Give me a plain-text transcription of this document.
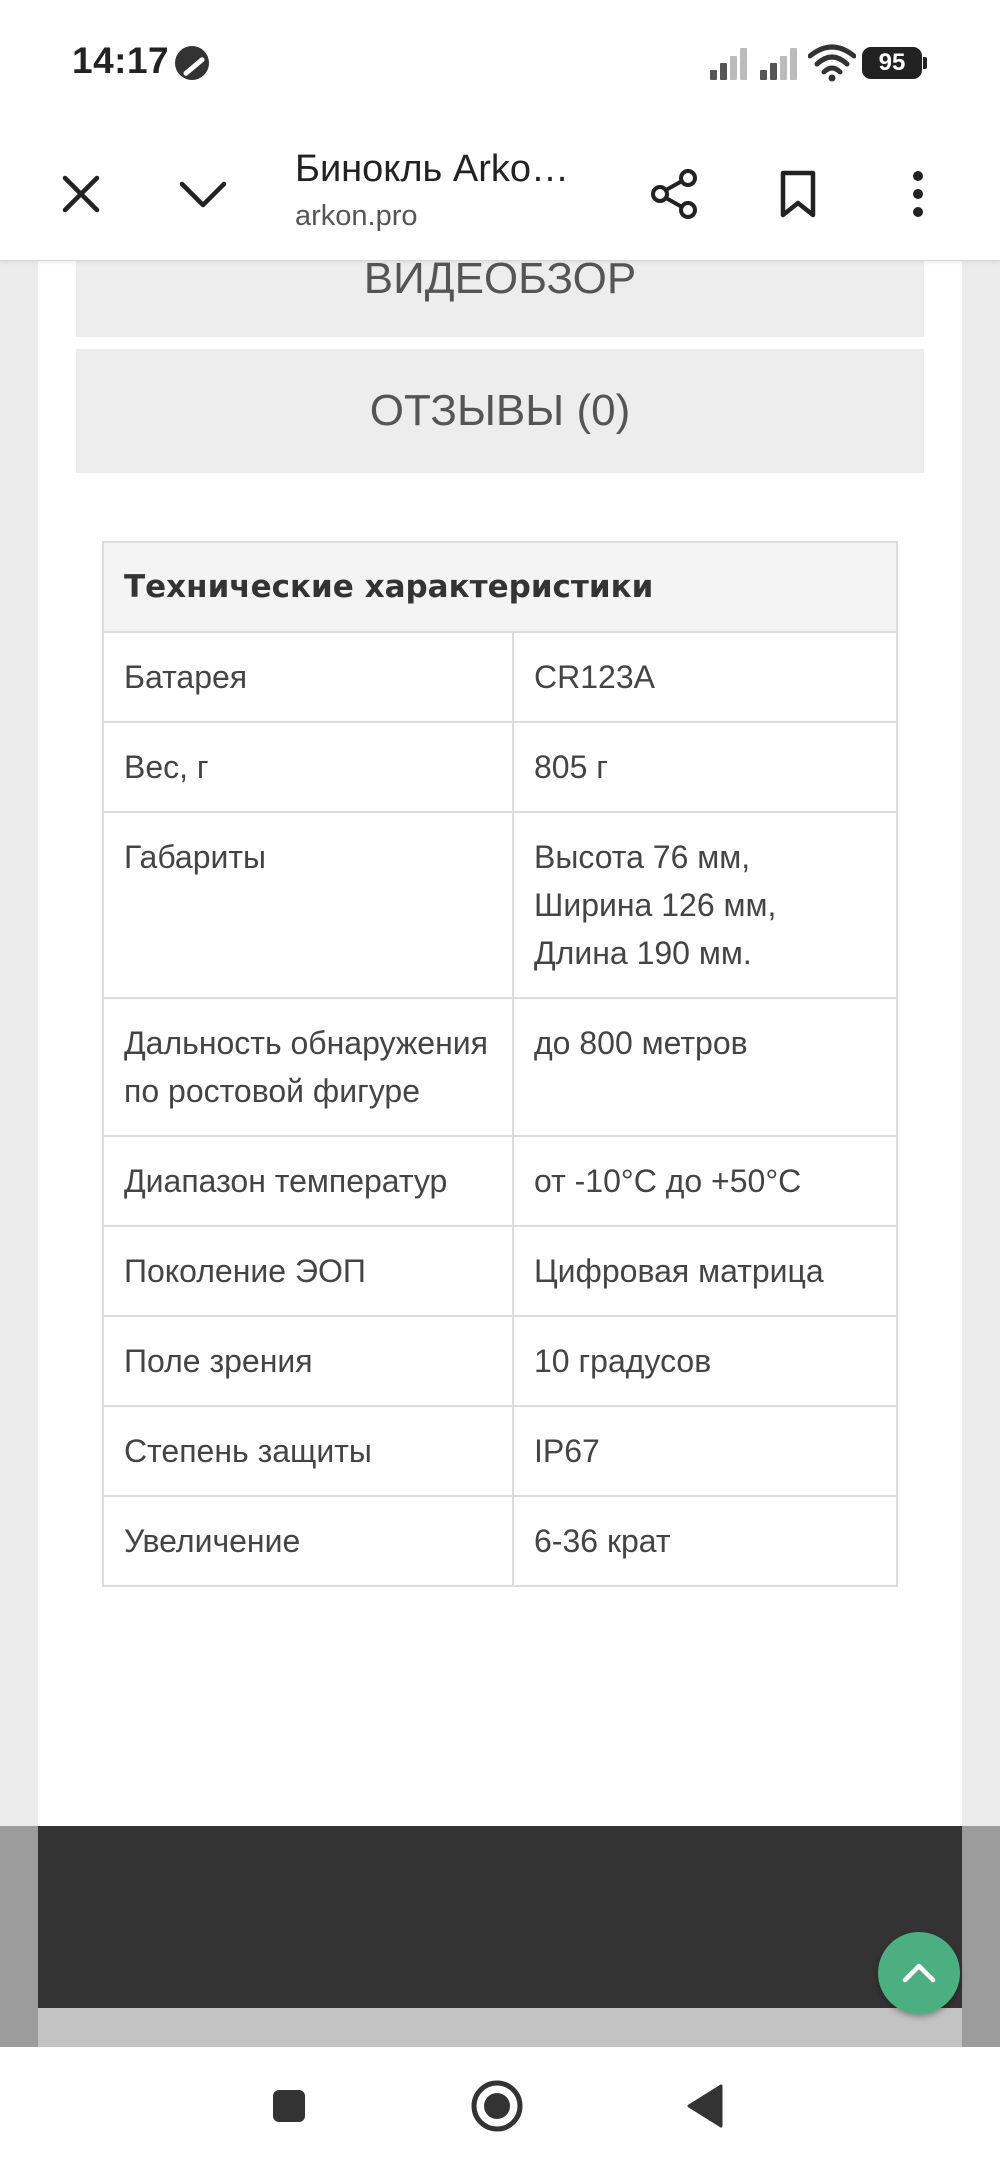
14:17	95
Бинокль Arko…
arkon.pro
ВИДЕОБЗОР
ОТЗЫВЫ (0)
Технические характеристики	
Батарея	CR123A
Вес, г	805 г
Габариты	Высота 76 мм,
Ширина 126 мм,
Длина 190 мм.
Дальность обнаружения по ростовой фигуре	до 800 метров
Диапазон температур	от -10°С до +50°С
Поколение ЭОП	Цифровая матрица
Поле зрения	10 градусов
Степень защиты	IP67
Увеличение	6-36 крат
